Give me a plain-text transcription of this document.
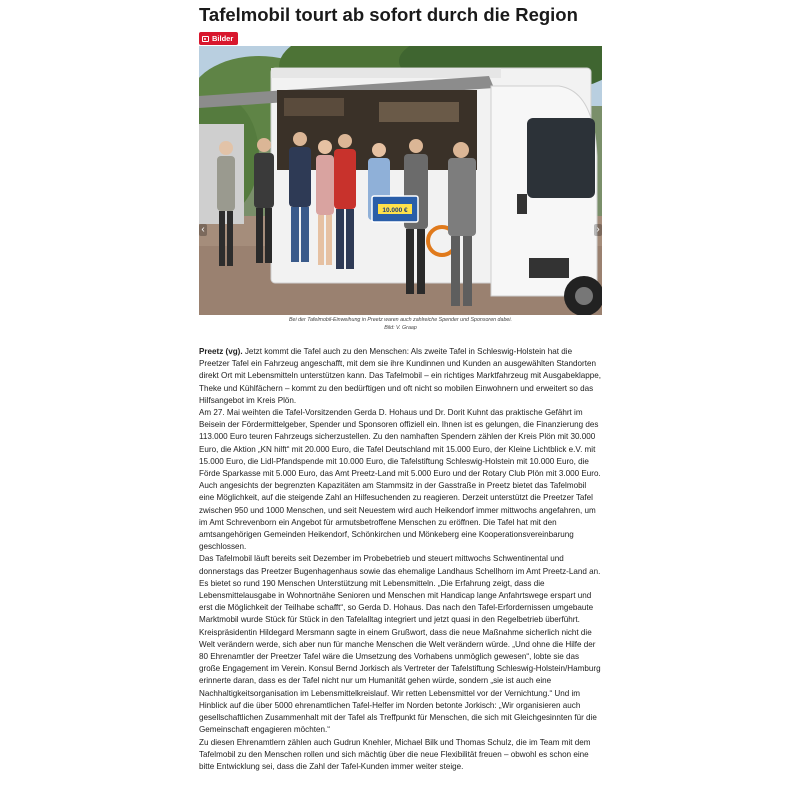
Tafelmobil tourt ab sofort durch die Region
Bilder
10.000 €
‹	›
Bei der Tafelmobil-Einweihung in Preetz waren auch zahlreiche Spender und Sponsoren dabei.
Bild: V. Graap

Preetz (vg). Jetzt kommt die Tafel auch zu den Menschen: Als zweite Tafel in Schleswig-Holstein hat die Preetzer Tafel ein Fahrzeug angeschafft, mit dem sie ihre Kundinnen und Kunden an ausgewählten Standorten direkt Ort mit Lebensmitteln unterstützen kann. Das Tafelmobil – ein richtiges Marktfahrzeug mit Ausgabeklappe, Theke und Kühlfächern – kommt zu den bedürftigen und oft nicht so mobilen Einwohnern und erweitert so das Hilfsangebot im Kreis Plön.

Am 27. Mai weihten die Tafel-Vorsitzenden Gerda D. Hohaus und Dr. Dorit Kuhnt das praktische Gefährt im Beisein der Fördermittelgeber, Spender und Sponsoren offiziell ein. Ihnen ist es gelungen, die Finanzierung des 113.000 Euro teuren Fahrzeugs sicherzustellen. Zu den namhaften Spendern zählen der Kreis Plön mit 30.000 Euro, die Aktion „KN hilft“ mit 20.000 Euro, die Tafel Deutschland mit 15.000 Euro, der Kleine Lichtblick e.V. mit 15.000 Euro, die Lidl-Pfandspende mit 10.000 Euro, die Tafelstiftung Schleswig-Holstein mit 10.000 Euro, die Förde Sparkasse mit 5.000 Euro, das Amt Preetz-Land mit 5.000 Euro und der Rotary Club Plön mit 3.000 Euro.

Auch angesichts der begrenzten Kapazitäten am Stammsitz in der Gasstraße in Preetz bietet das Tafelmobil eine Möglichkeit, auf die steigende Zahl an Hilfesuchenden zu reagieren. Derzeit unterstützt die Preetzer Tafel zwischen 950 und 1000 Menschen, und seit Neuestem wird auch Heikendorf immer mittwochs angefahren, um im Amt Schrevenborn ein Angebot für armutsbetroffene Menschen zu eröffnen. Die Tafel hat mit den amtsangehörigen Gemeinden Heikendorf, Schönkirchen und Mönkeberg eine Kooperationsvereinbarung geschlossen.

Das Tafelmobil läuft bereits seit Dezember im Probebetrieb und steuert mittwochs Schwentinental und donnerstags das Preetzer Bugenhagenhaus sowie das ehemalige Landhaus Schellhorn im Amt Preetz-Land an. Es bietet so rund 190 Menschen Unterstützung mit Lebensmitteln. „Die Erfahrung zeigt, dass die Lebensmittelausgabe in Wohnortnähe Senioren und Menschen mit Handicap lange Anfahrtswege erspart und erst die Möglichkeit der Teilhabe schafft“, so Gerda D. Hohaus. Das nach den Tafel-Erfordernissen umgebaute Marktmobil wurde Stück für Stück in den Tafelalltag integriert und jetzt quasi in den Regelbetrieb überführt. Kreispräsidentin Hildegard Mersmann sagte in einem Grußwort, dass die neue Maßnahme sicherlich nicht die Welt verändern werde, sich aber nun für manche Menschen die Welt verändern würde. „Und ohne die Hilfe der 80 Ehrenamtler der Preetzer Tafel wäre die Umsetzung des Vorhabens unmöglich gewesen“, lobte sie das große Engagement im Verein. Konsul Bernd Jorkisch als Vertreter der Tafelstiftung Schleswig-Holstein/Hamburg erinnerte daran, dass es der Tafel nicht nur um Humanität gehen würde, sondern „sie ist auch eine Nachhaltigkeitsorganisation im Lebensmittelkreislauf. Wir retten Lebensmittel vor der Vernichtung.“ Und im Hinblick auf die über 5000 ehrenamtlichen Tafel-Helfer im Norden betonte Jorkisch: „Wir organisieren auch gesellschaftlichen Zusammenhalt mit der Tafel als Treffpunkt für Menschen, die sich mit Gleichgesinnten für die Gemeinschaft engagieren möchten.“

Zu diesen Ehrenamtlern zählen auch Gudrun Knehler, Michael Bilk und Thomas Schulz, die im Team mit dem Tafelmobil zu den Menschen rollen und sich mächtig über die neue Flexibilität freuen – obwohl es schon eine bitte Entwicklung sei, dass die Zahl der Tafel-Kunden immer weiter steige.
